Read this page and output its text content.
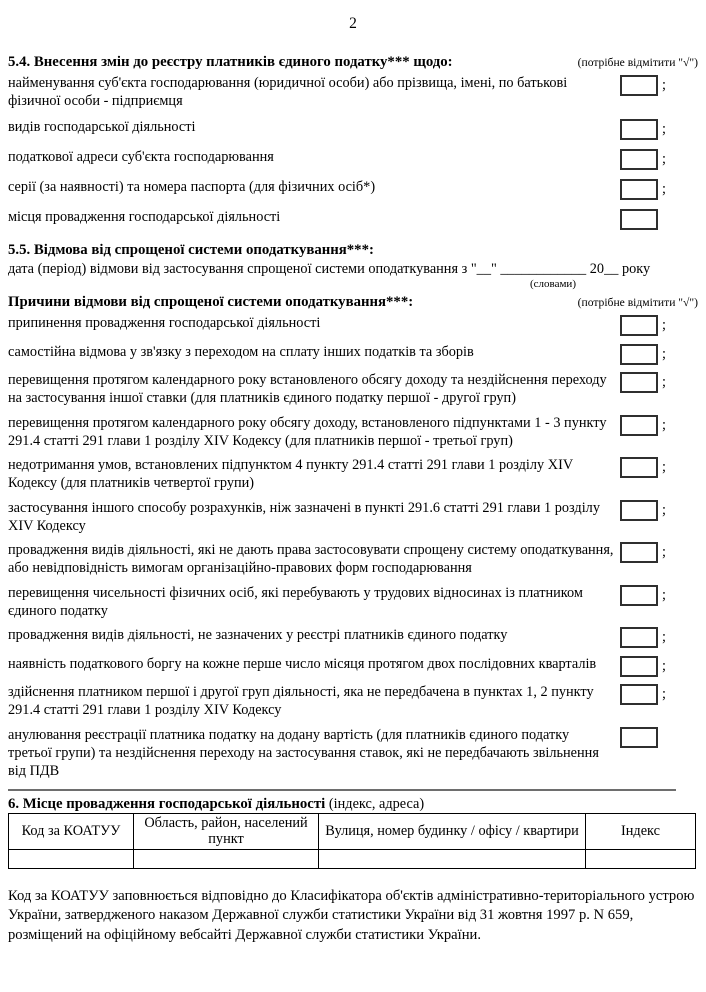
2
5.4. Внесення змін до реєстру платників єдиного податку*** щодо:	(потрібне відмітити "√")
найменування суб'єкта господарювання (юридичної особи) або прізвища, імені, по батькові фізичної особи - підприємця
;
видів господарської діяльності	;
податкової адреси суб'єкта господарювання	;
серії (за наявності) та номера паспорта (для фізичних осіб*)	;
місця провадження господарської діяльності
5.5. Відмова від спрощеної системи оподаткування***:
дата (період) відмови від застосування спрощеної системи оподаткування з "__" ____________ 20__ року
(словами)
Причини відмови від спрощеної системи оподаткування***:	(потрібне відмітити "√")
припинення провадження господарської діяльності	;
самостійна відмова у зв'язку з переходом на сплату інших податків та зборів	;
перевищення протягом календарного року встановленого обсягу доходу та нездійснення переходу на застосування іншої ставки (для платників єдиного податку першої - другої груп)
;
перевищення протягом календарного року обсягу доходу, встановленого підпунктами 1 - 3 пункту 291.4 статті 291 глави 1 розділу XIV Кодексу (для платників першої - третьої груп)
;
недотримання умов, встановлених підпунктом 4 пункту 291.4 статті 291 глави 1 розділу XIV Кодексу (для платників четвертої групи)
;
застосування іншого способу розрахунків, ніж зазначені в пункті 291.6 статті 291 глави 1 розділу XIV Кодексу
;
провадження видів діяльності, які не дають права застосовувати спрощену систему оподаткування, або невідповідність вимогам організаційно-правових форм господарювання
;
перевищення чисельності фізичних осіб, які перебувають у трудових відносинах із платником єдиного податку
;
провадження видів діяльності, не зазначених у реєстрі платників єдиного податку	;
наявність податкового боргу на кожне перше число місяця протягом двох послідовних кварталів	;
здійснення платником першої і другої груп діяльності, яка не передбачена в пунктах 1, 2 пункту 291.4 статті 291 глави 1 розділу XIV Кодексу
;
анулювання реєстрації платника податку на додану вартість (для платників єдиного податку третьої групи) та нездійснення переходу на застосування ставок, які не передбачають звільнення від ПДВ
6. Місце провадження господарської діяльності (індекс, адреса)
Код за КОАТУУ	Область, район, населений пункт	Вулиця, номер будинку / офісу / квартири	Індекс

Код за КОАТУУ заповнюється відповідно до Класифікатора об'єктів адміністративно-територіального устрою України, затвердженого наказом Державної служби статистики України від 31 жовтня 1997 р. N 659, розміщений на офіційному вебсайті Державної служби статистики України.
